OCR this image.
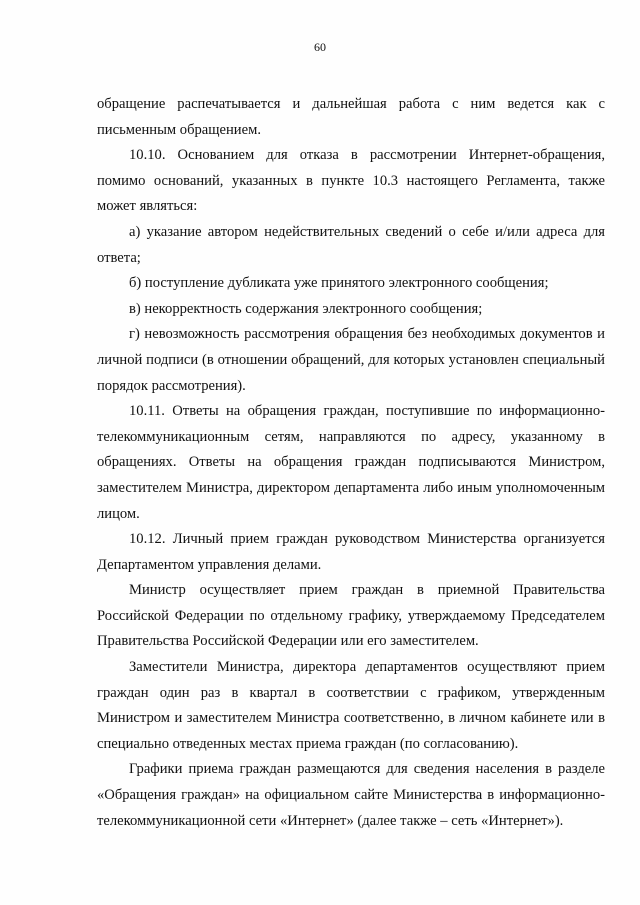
60

обращение распечатывается и дальнейшая работа с ним ведется как с письменным обращением.

10.10. Основанием для отказа в рассмотрении Интернет-обращения, помимо оснований, указанных в пункте 10.3 настоящего Регламента, также может являться:

а) указание автором недействительных сведений о себе и/или адреса для ответа;

б) поступление дубликата уже принятого электронного сообщения;

в) некорректность содержания электронного сообщения;

г) невозможность рассмотрения обращения без необходимых документов и личной подписи (в отношении обращений, для которых установлен специальный порядок рассмотрения).

10.11. Ответы на обращения граждан, поступившие по информационно-телекоммуникационным сетям, направляются по адресу, указанному в обращениях. Ответы на обращения граждан подписываются Министром, заместителем Министра, директором департамента либо иным уполномоченным лицом.

10.12. Личный прием граждан руководством Министерства организуется Департаментом управления делами.

Министр осуществляет прием граждан в приемной Правительства Российской Федерации по отдельному графику, утверждаемому Председателем Правительства Российской Федерации или его заместителем.

Заместители Министра, директора департаментов осуществляют прием граждан один раз в квартал в соответствии с графиком, утвержденным Министром и заместителем Министра соответственно, в личном кабинете или в специально отведенных местах приема граждан (по согласованию).

Графики приема граждан размещаются для сведения населения в разделе «Обращения граждан» на официальном сайте Министерства в информационно-телекоммуникационной сети «Интернет» (далее также – сеть «Интернет»).
